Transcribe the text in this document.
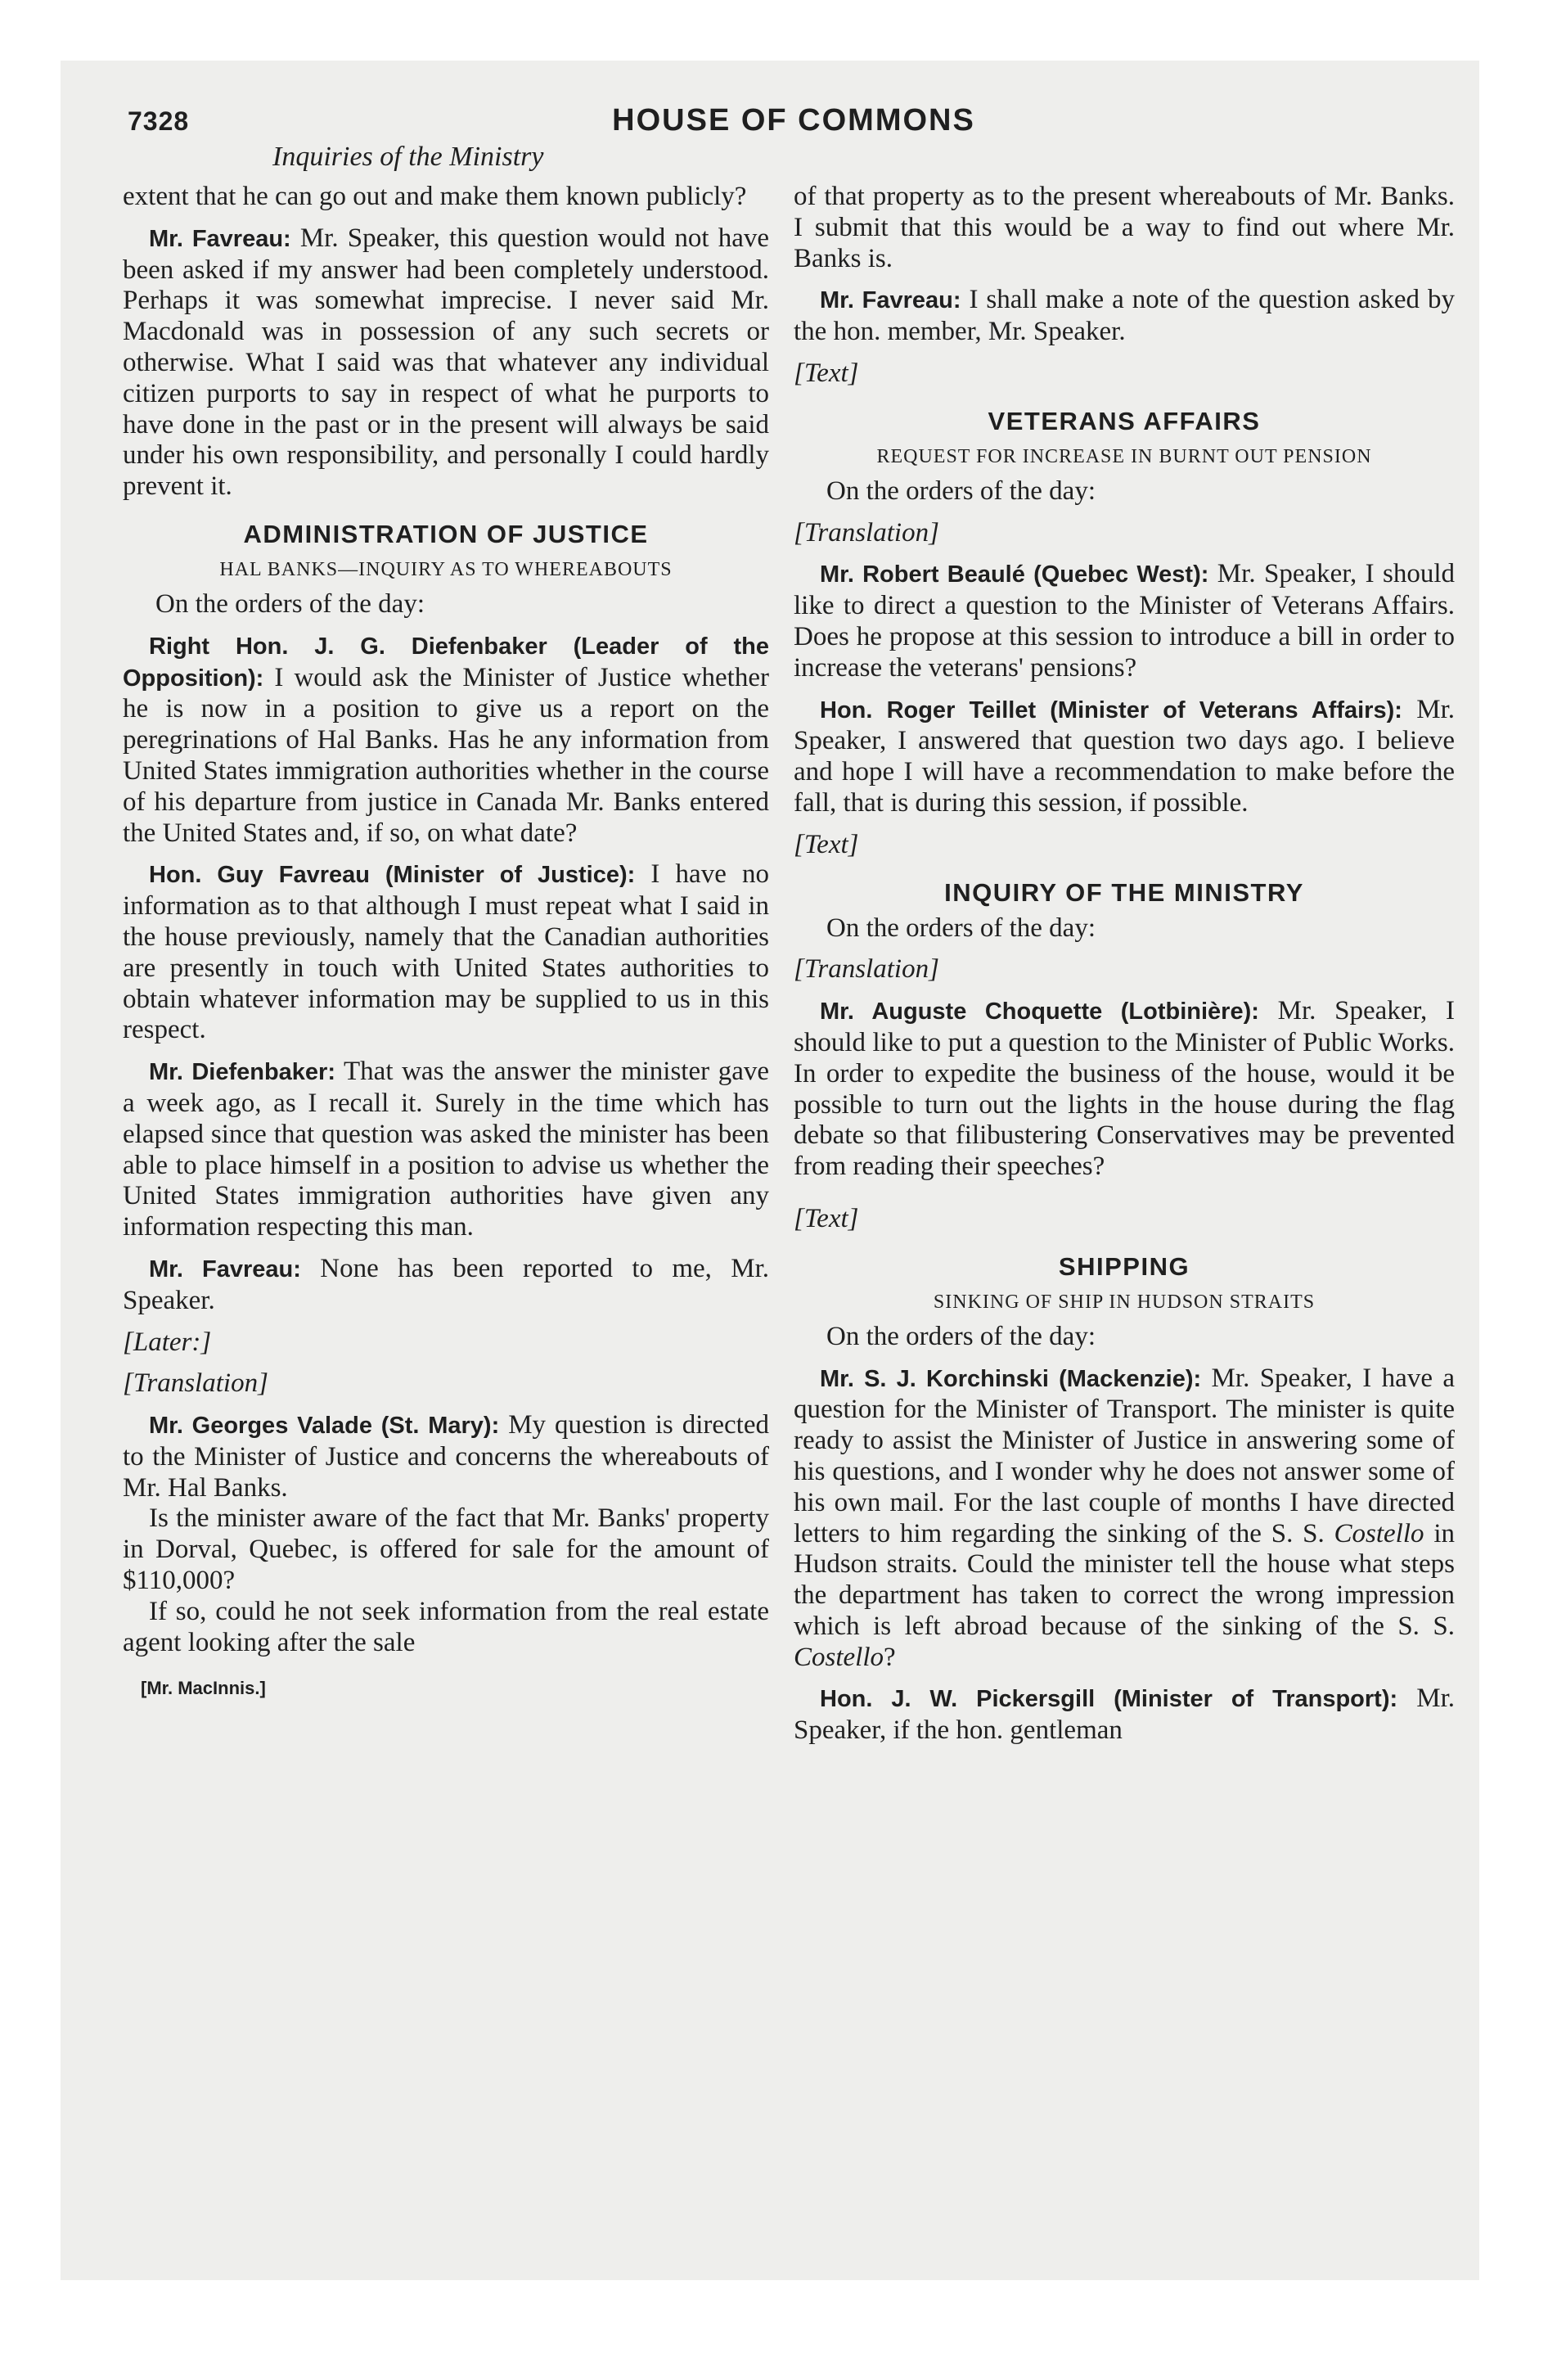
7328	HOUSE OF COMMONS
Inquiries of the Ministry

extent that he can go out and make them known publicly?

Mr. Favreau: Mr. Speaker, this question would not have been asked if my answer had been completely understood. Perhaps it was somewhat imprecise. I never said Mr. Macdonald was in possession of any such secrets or otherwise. What I said was that whatever any individual citizen purports to say in respect of what he purports to have done in the past or in the present will always be said under his own responsibility, and personally I could hardly prevent it.

ADMINISTRATION OF JUSTICE
HAL BANKS—INQUIRY AS TO WHEREABOUTS

On the orders of the day:

Right Hon. J. G. Diefenbaker (Leader of the Opposition): I would ask the Minister of Justice whether he is now in a position to give us a report on the peregrinations of Hal Banks. Has he any information from United States immigration authorities whether in the course of his departure from justice in Canada Mr. Banks entered the United States and, if so, on what date?

Hon. Guy Favreau (Minister of Justice): I have no information as to that although I must repeat what I said in the house previously, namely that the Canadian authorities are presently in touch with United States authorities to obtain whatever information may be supplied to us in this respect.

Mr. Diefenbaker: That was the answer the minister gave a week ago, as I recall it. Surely in the time which has elapsed since that question was asked the minister has been able to place himself in a position to advise us whether the United States immigration authorities have given any information respecting this man.

Mr. Favreau: None has been reported to me, Mr. Speaker.

[Later:]

[Translation]

Mr. Georges Valade (St. Mary): My question is directed to the Minister of Justice and concerns the whereabouts of Mr. Hal Banks.

Is the minister aware of the fact that Mr. Banks' property in Dorval, Quebec, is offered for sale for the amount of $110,000?

If so, could he not seek information from the real estate agent looking after the sale

[Mr. MacInnis.]

of that property as to the present whereabouts of Mr. Banks. I submit that this would be a way to find out where Mr. Banks is.

Mr. Favreau: I shall make a note of the question asked by the hon. member, Mr. Speaker.

[Text]

VETERANS AFFAIRS
REQUEST FOR INCREASE IN BURNT OUT PENSION

On the orders of the day:

[Translation]

Mr. Robert Beaulé (Quebec West): Mr. Speaker, I should like to direct a question to the Minister of Veterans Affairs. Does he propose at this session to introduce a bill in order to increase the veterans' pensions?

Hon. Roger Teillet (Minister of Veterans Affairs): Mr. Speaker, I answered that question two days ago. I believe and hope I will have a recommendation to make before the fall, that is during this session, if possible.

[Text]

INQUIRY OF THE MINISTRY

On the orders of the day:

[Translation]

Mr. Auguste Choquette (Lotbinière): Mr. Speaker, I should like to put a question to the Minister of Public Works. In order to expedite the business of the house, would it be possible to turn out the lights in the house during the flag debate so that filibustering Conservatives may be prevented from reading their speeches?

[Text]

SHIPPING
SINKING OF SHIP IN HUDSON STRAITS

On the orders of the day:

Mr. S. J. Korchinski (Mackenzie): Mr. Speaker, I have a question for the Minister of Transport. The minister is quite ready to assist the Minister of Justice in answering some of his questions, and I wonder why he does not answer some of his own mail. For the last couple of months I have directed letters to him regarding the sinking of the S. S. Costello in Hudson straits. Could the minister tell the house what steps the department has taken to correct the wrong impression which is left abroad because of the sinking of the S. S. Costello?

Hon. J. W. Pickersgill (Minister of Transport): Mr. Speaker, if the hon. gentleman
